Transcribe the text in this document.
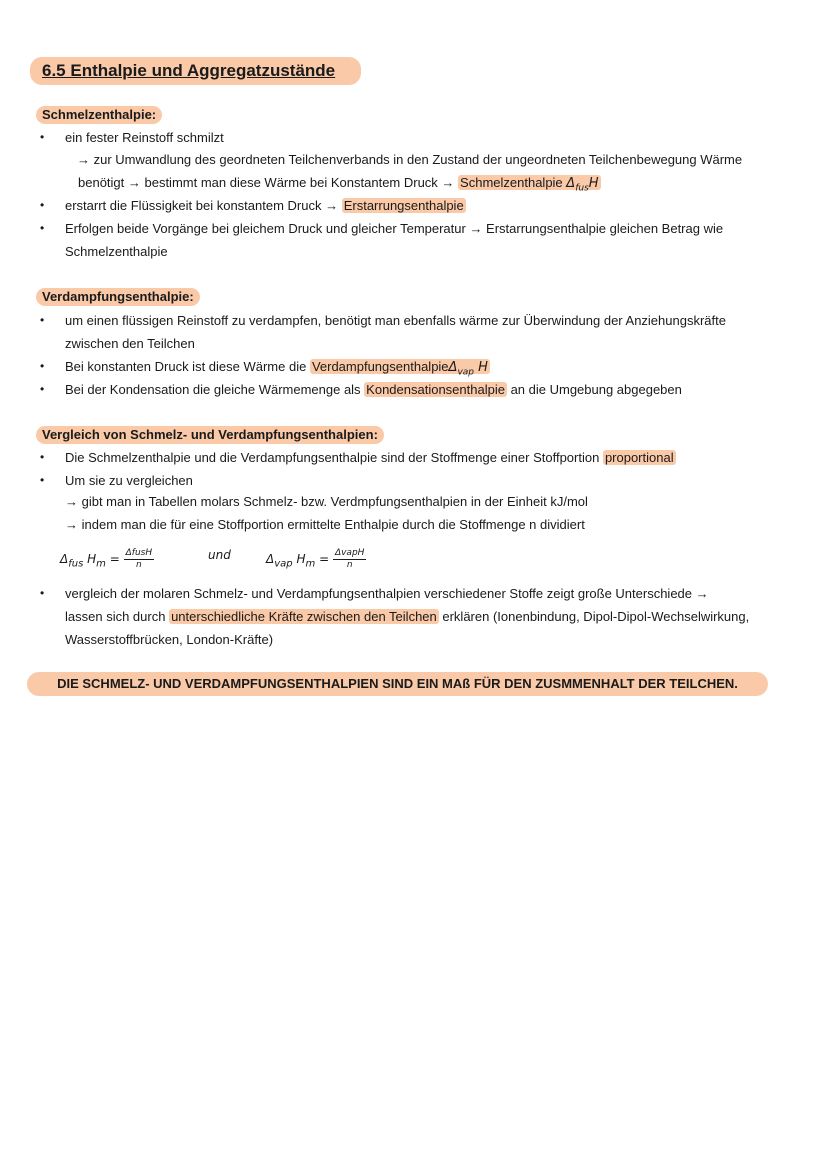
6.5 Enthalpie und Aggregatzustände
Schmelzenthalpie:
• ein fester Reinstoff schmilzt
→ zur Umwandlung des geordneten Teilchenverbands in den Zustand der ungeordneten Teilchenbewegung Wärme
benötigt → bestimmt man diese Wärme bei Konstantem Druck → Schmelzenthalpie $\Delta_{fus}H$
• erstarrt die Flüssigkeit bei konstantem Druck → Erstarrungsenthalpie
• Erfolgen beide Vorgänge bei gleichem Druck und gleicher Temperatur → Erstarrungsenthalpie gleichen Betrag wie
Schmelzenthalpie
Verdampfungsenthalpie:
• um einen flüssigen Reinstoff zu verdampfen, benötigt man ebenfalls wärme zur Überwindung der Anziehungskräfte
zwischen den Teilchen
• Bei konstanten Druck ist diese Wärme die VerdampfungsenthalpieΔ$_{vap}$ H
• Bei der Kondensation die gleiche Wärmemenge als Kondensationsenthalpie an die Umgebung abgegeben
Vergleich von Schmelz- und Verdampfungsenthalpien:
• Die Schmelzenthalpie und die Verdampfungsenthalpie sind der Stoffmenge einer Stoffportion proportional
• Um sie zu vergleichen
→ gibt man in Tabellen molars Schmelz- bzw. Verdmpfungsenthalpien in der Einheit kJ/mol
→ indem man die für eine Stoffportion ermittelte Enthalpie durch die Stoffmenge n dividiert
$\Delta_{fus}$ $H_m = \frac{\text{ΔfusH}}{n}$	und	$\Delta_{vap}$ $H_m = \frac{\text{ΔvapH}}{n}$
• vergleich der molaren Schmelz- und Verdampfungsenthalpien verschiedener Stoffe zeigt große Unterschiede →
lassen sich durch unterschiedliche Kräfte zwischen den Teilchen erklären (Ionenbindung, Dipol-Dipol-Wechselwirkung,
Wasserstoffbrücken, London-Kräfte)
DIE SCHMELZ- UND VERDAMPFUNGSENTHALPIEN SIND EIN MAß FÜR DEN ZUSMMENHALT DER TEILCHEN.
